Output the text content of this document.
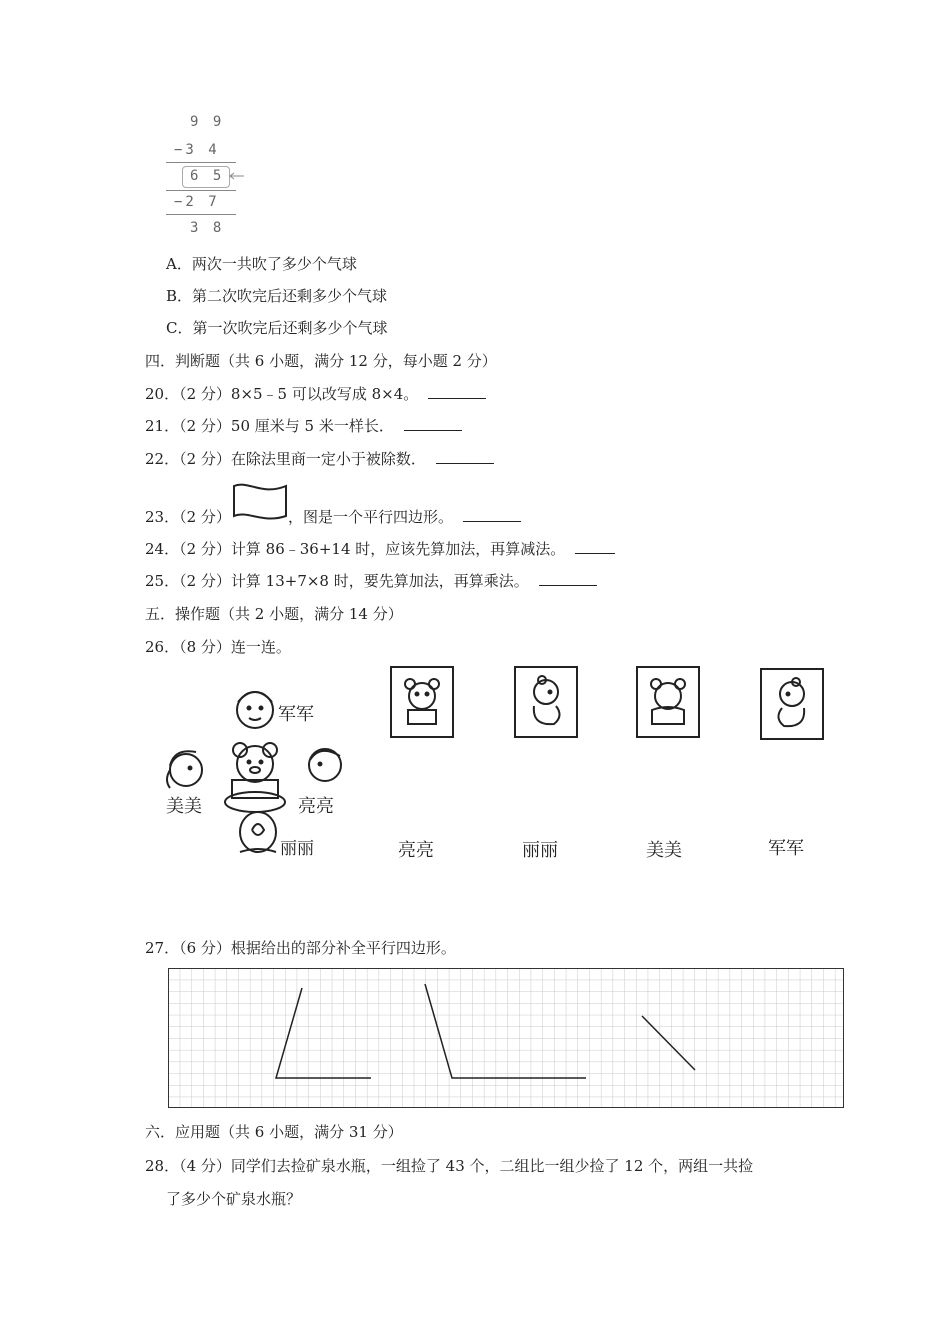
9 9
−3 4
6 5
−2 7
3 8
A．两次一共吹了多少个气球
B．第二次吹完后还剩多少个气球
C．第一次吹完后还剩多少个气球
四．判断题（共 6 小题，满分 12 分，每小题 2 分）
20．（2 分）8×5﹣5 可以改写成 8×4。
21．（2 分）50 厘米与 5 米一样长．
22．（2 分）在除法里商一定小于被除数．
23．（2 分）	，图是一个平行四边形。
24．（2 分）计算 86﹣36+14 时，应该先算加法，再算减法。
25．（2 分）计算 13+7×8 时，要先算加法，再算乘法。
五．操作题（共 2 小题，满分 14 分）
26．（8 分）连一连。
军军
美美	亮亮
丽丽	亮亮	丽丽	美美	军军
27．（6 分）根据给出的部分补全平行四边形。
六．应用题（共 6 小题，满分 31 分）
28．（4 分）同学们去捡矿泉水瓶，一组捡了 43 个，二组比一组少捡了 12 个，两组一共捡
了多少个矿泉水瓶？
